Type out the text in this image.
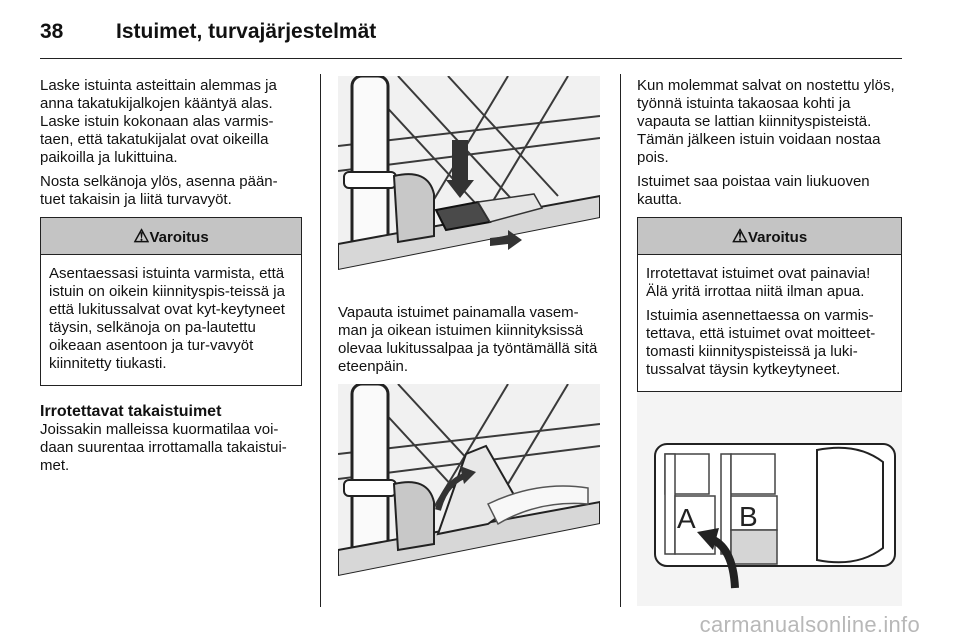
38	Istuimet, turvajärjestelmät

Laske istuinta asteittain alemmas ja anna takatukijalkojen kääntyä alas. Laske istuin kokonaan alas varmis-taen, että takatukijalat ovat oikeilla paikoilla ja lukittuina.

Nosta selkänoja ylös, asenna pään-tuet takaisin ja liitä turvavyöt.

⚠Varoitus

Asentaessasi istuinta varmista, että istuin on oikein kiinnityspis-teissä ja että lukitussalvat ovat kyt-keytyneet täysin, selkänoja on pa-lautettu oikeaan asentoon ja tur-vavyöt kiinnitetty tiukasti.

Irrotettavat takaistuimet

Joissakin malleissa kuormatilaa voi-daan suurentaa irrottamalla takaistui-met.

Vapauta istuimet painamalla vasem-man ja oikean istuimen kiinnityksissä olevaa lukitussalpaa ja työntämällä sitä eteenpäin.

Kun molemmat salvat on nostettu ylös, työnnä istuinta takaosaa kohti ja vapauta se lattian kiinnityspisteistä. Tämän jälkeen istuin voidaan nostaa pois.

Istuimet saa poistaa vain liukuoven kautta.

⚠Varoitus

Irrotettavat istuimet ovat painavia! Älä yritä irrottaa niitä ilman apua.

Istuimia asennettaessa on varmis-tettava, että istuimet ovat moitteet-tomasti kiinnityspisteissä ja luki-tussalvat täysin kytkeytyneet.

A B
carmanualsonline.info
